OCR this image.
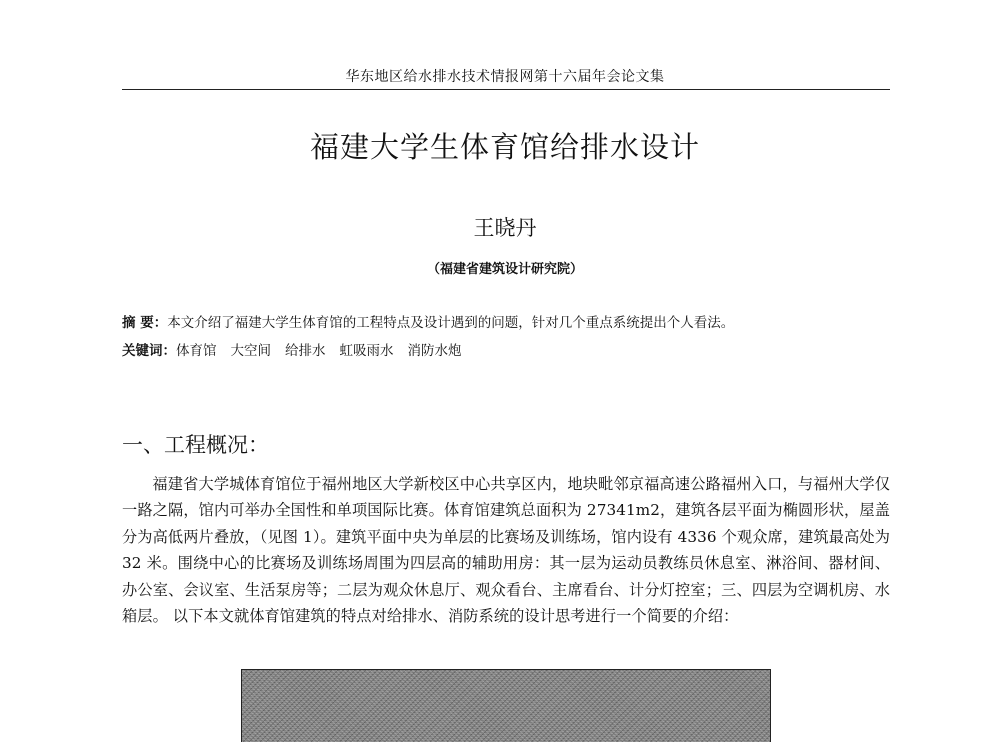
华东地区给水排水技术情报网第十六届年会论文集
福建大学生体育馆给排水设计
王晓丹
（福建省建筑设计研究院）
摘 要：本文介绍了福建大学生体育馆的工程特点及设计遇到的问题，针对几个重点系统提出个人看法。
关键词：体育馆 大空间 给排水 虹吸雨水 消防水炮
一、工程概况：

福建省大学城体育馆位于福州地区大学新校区中心共享区内，地块毗邻京福高速公路福州入口，与福州大学仅一路之隔，馆内可举办全国性和单项国际比赛。体育馆建筑总面积为 27341m2，建筑各层平面为椭圆形状，屋盖分为高低两片叠放，（见图 1）。建筑平面中央为单层的比赛场及训练场，馆内设有 4336 个观众席，建筑最高处为 32 米。围绕中心的比赛场及训练场周围为四层高的辅助用房：其一层为运动员教练员休息室、淋浴间、器材间、办公室、会议室、生活泵房等；二层为观众休息厅、观众看台、主席看台、计分灯控室；三、四层为空调机房、水箱层。 以下本文就体育馆建筑的特点对给排水、消防系统的设计思考进行一个简要的介绍：
